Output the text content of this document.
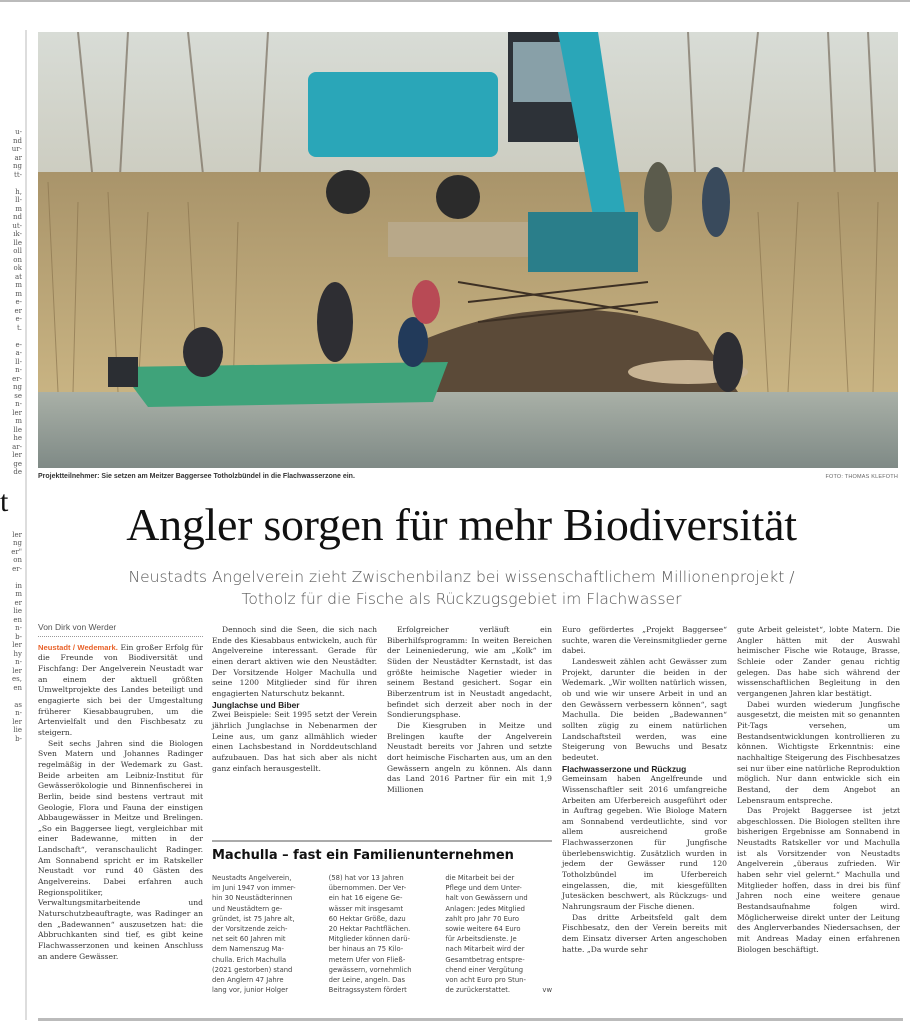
u-
nd
ur-
ar
ng
tt-

h,
ll-
m
nd
ut-
ık-
lle
oll
on
ok
at
m
m
e-
er
e-
t.

e-
a-
ll-
n-
er-
ng
se
n-
ler
m
lle
he
ar-
ler
ge
de
t
ler
ng
er"
on
er-

in
m
er
lie
en
n-
b-
ler
hy
n-
ler
es,
en

as
n-
ler
lie
b-
Projektteilnehmer: Sie setzen am Meitzer Baggersee Totholzbündel in die Flachwasserzone ein.	FOTO: THOMAS KLEFOTH
Angler sorgen für mehr Biodiversität
Neustadts Angelverein zieht Zwischenbilanz bei wissenschaftlichem Millionenprojekt /
Totholz für die Fische als Rückzugsgebiet im Flachwasser
Von Dirk von Werder

Neustadt / Wedemark. Ein großer Erfolg für die Freunde von Biodiversität und Fischfang: Der Angelverein Neustadt war an einem der aktuell größten Umweltprojekte des Landes beteiligt und engagierte sich bei der Umgestaltung früherer Kiesabbaugruben, um die Artenvielfalt und den Fischbesatz zu steigern.

Seit sechs Jahren sind die Biologen Sven Matern und Johannes Radinger regelmäßig in der Wedemark zu Gast. Beide arbeiten am Leibniz-Institut für Gewässerökologie und Binnenfischerei in Berlin, beide sind bestens vertraut mit Geologie, Flora und Fauna der einstigen Abbaugewässer in Meitze und Brelingen. „So ein Baggersee liegt, vergleichbar mit einer Badewanne, mitten in der Landschaft“, veranschaulicht Radinger. Am Sonnabend spricht er im Ratskeller Neustadt vor rund 40 Gästen des Angelvereins. Dabei erfahren auch Regionspolitiker, Verwaltungsmitarbeitende und Naturschutzbeauftragte, was Radinger an den „Badewannen“ auszusetzen hat: die Abbruchkanten sind tief, es gibt keine Flachwasserzonen und keinen Anschluss an andere Gewässer.

Dennoch sind die Seen, die sich nach Ende des Kiesabbaus entwickeln, auch für Angelvereine interessant. Gerade für einen derart aktiven wie den Neustädter. Der Vorsitzende Holger Machulla und seine 1200 Mitglieder sind für ihren engagierten Naturschutz bekannt.

Junglachse und Biber

Zwei Beispiele: Seit 1995 setzt der Verein jährlich Junglachse in Nebenarmen der Leine aus, um ganz allmählich wieder einen Lachsbestand in Norddeutschland aufzubauen. Das hat sich aber als nicht ganz einfach herausgestellt.

Erfolgreicher verläuft ein Biberhilfsprogramm: In weiten Bereichen der Leineniederung, wie am „Kolk“ im Süden der Neustädter Kernstadt, ist das größte heimische Nagetier wieder in seinem Bestand gesichert. Sogar ein Biberzentrum ist in Neustadt angedacht, befindet sich derzeit aber noch in der Sondierungsphase.

Die Kiesgruben in Meitze und Brelingen kaufte der Angelverein Neustadt bereits vor Jahren und setzte dort heimische Fischarten aus, um an den Gewässern angeln zu können. Als dann das Land 2016 Partner für ein mit 1,9 Millionen

Euro gefördertes „Projekt Baggersee“ suchte, waren die Vereinsmitglieder gerne dabei.

Landesweit zählen acht Gewässer zum Projekt, darunter die beiden in der Wedemark. „Wir wollten natürlich wissen, ob und wie wir unsere Arbeit in und an den Gewässern verbessern können“, sagt Machulla. Die beiden „Badewannen“ sollten zügig zu einem natürlichen Landschaftsteil werden, was eine Steigerung von Bewuchs und Besatz bedeutet.

Flachwasserzone und Rückzug

Gemeinsam haben Angelfreunde und Wissenschaftler seit 2016 umfangreiche Arbeiten am Uferbereich ausgeführt oder in Auftrag gegeben. Wie Biologe Matern am Sonnabend verdeutlichte, sind vor allem ausreichend große Flachwasserzonen für Jungfische überlebenswichtig. Zusätzlich wurden in jedem der Gewässer rund 120 Totholzbündel im Uferbereich eingelassen, die, mit kiesgefüllten Jutesäcken beschwert, als Rückzugs- und Nahrungsraum der Fische dienen.

Das dritte Arbeitsfeld galt dem Fischbesatz, den der Verein bereits mit dem Einsatz diverser Arten angeschoben hatte. „Da wurde sehr

gute Arbeit geleistet“, lobte Matern. Die Angler hätten mit der Auswahl heimischer Fische wie Rotauge, Brasse, Schleie oder Zander genau richtig gelegen. Das habe sich während der wissenschaftlichen Begleitung in den vergangenen Jahren klar bestätigt.

Dabei wurden wiederum Jungfische ausgesetzt, die meisten mit so genannten Pit-Tags versehen, um Bestandsentwicklungen kontrollieren zu können. Wichtigste Erkenntnis: eine nachhaltige Steigerung des Fischbesatzes sei nur über eine natürliche Reproduktion möglich. Nur dann entwickle sich ein Bestand, der dem Angebot an Lebensraum entspreche.

Das Projekt Baggersee ist jetzt abgeschlossen. Die Biologen stellten ihre bisherigen Ergebnisse am Sonnabend in Neustadts Ratskeller vor und Machulla ist als Vorsitzender von Neustadts Angelverein „überaus zufrieden. Wir haben sehr viel gelernt.“ Machulla und Mitglieder hoffen, dass in drei bis fünf Jahren noch eine weitere genaue Bestandsaufnahme folgen wird. Möglicherweise direkt unter der Leitung des Anglerverbandes Niedersachsen, der mit Andreas Maday einen erfahrenen Biologen beschäftigt.

Machulla – fast ein Familienunternehmen
Neustadts Angelverein,
im Juni 1947 von immer-
hin 30 Neustädterinnen
und Neustädtern ge-
gründet, ist 75 Jahre alt,
der Vorsitzende zeich-
net seit 60 Jahren mit
dem Namenszug Ma-
chulla. Erich Machulla
(2021 gestorben) stand
den Anglern 47 Jahre
lang vor, junior Holger
(58) hat vor 13 Jahren
übernommen. Der Ver-
ein hat 16 eigene Ge-
wässer mit insgesamt
60 Hektar Größe, dazu
20 Hektar Pachtflächen.
Mitglieder können darü-
ber hinaus an 75 Kilo-
metern Ufer von Fließ-
gewässern, vornehmlich
der Leine, angeln. Das
Beitragssystem fördert
die Mitarbeit bei der
Pflege und dem Unter-
halt von Gewässern und
Anlagen: Jedes Mitglied
zahlt pro Jahr 70 Euro
sowie weitere 64 Euro
für Arbeitsdienste. Je
nach Mitarbeit wird der
Gesamtbetrag entspre-
chend einer Vergütung
von acht Euro pro Stun-
de zurückerstattet.	vw
